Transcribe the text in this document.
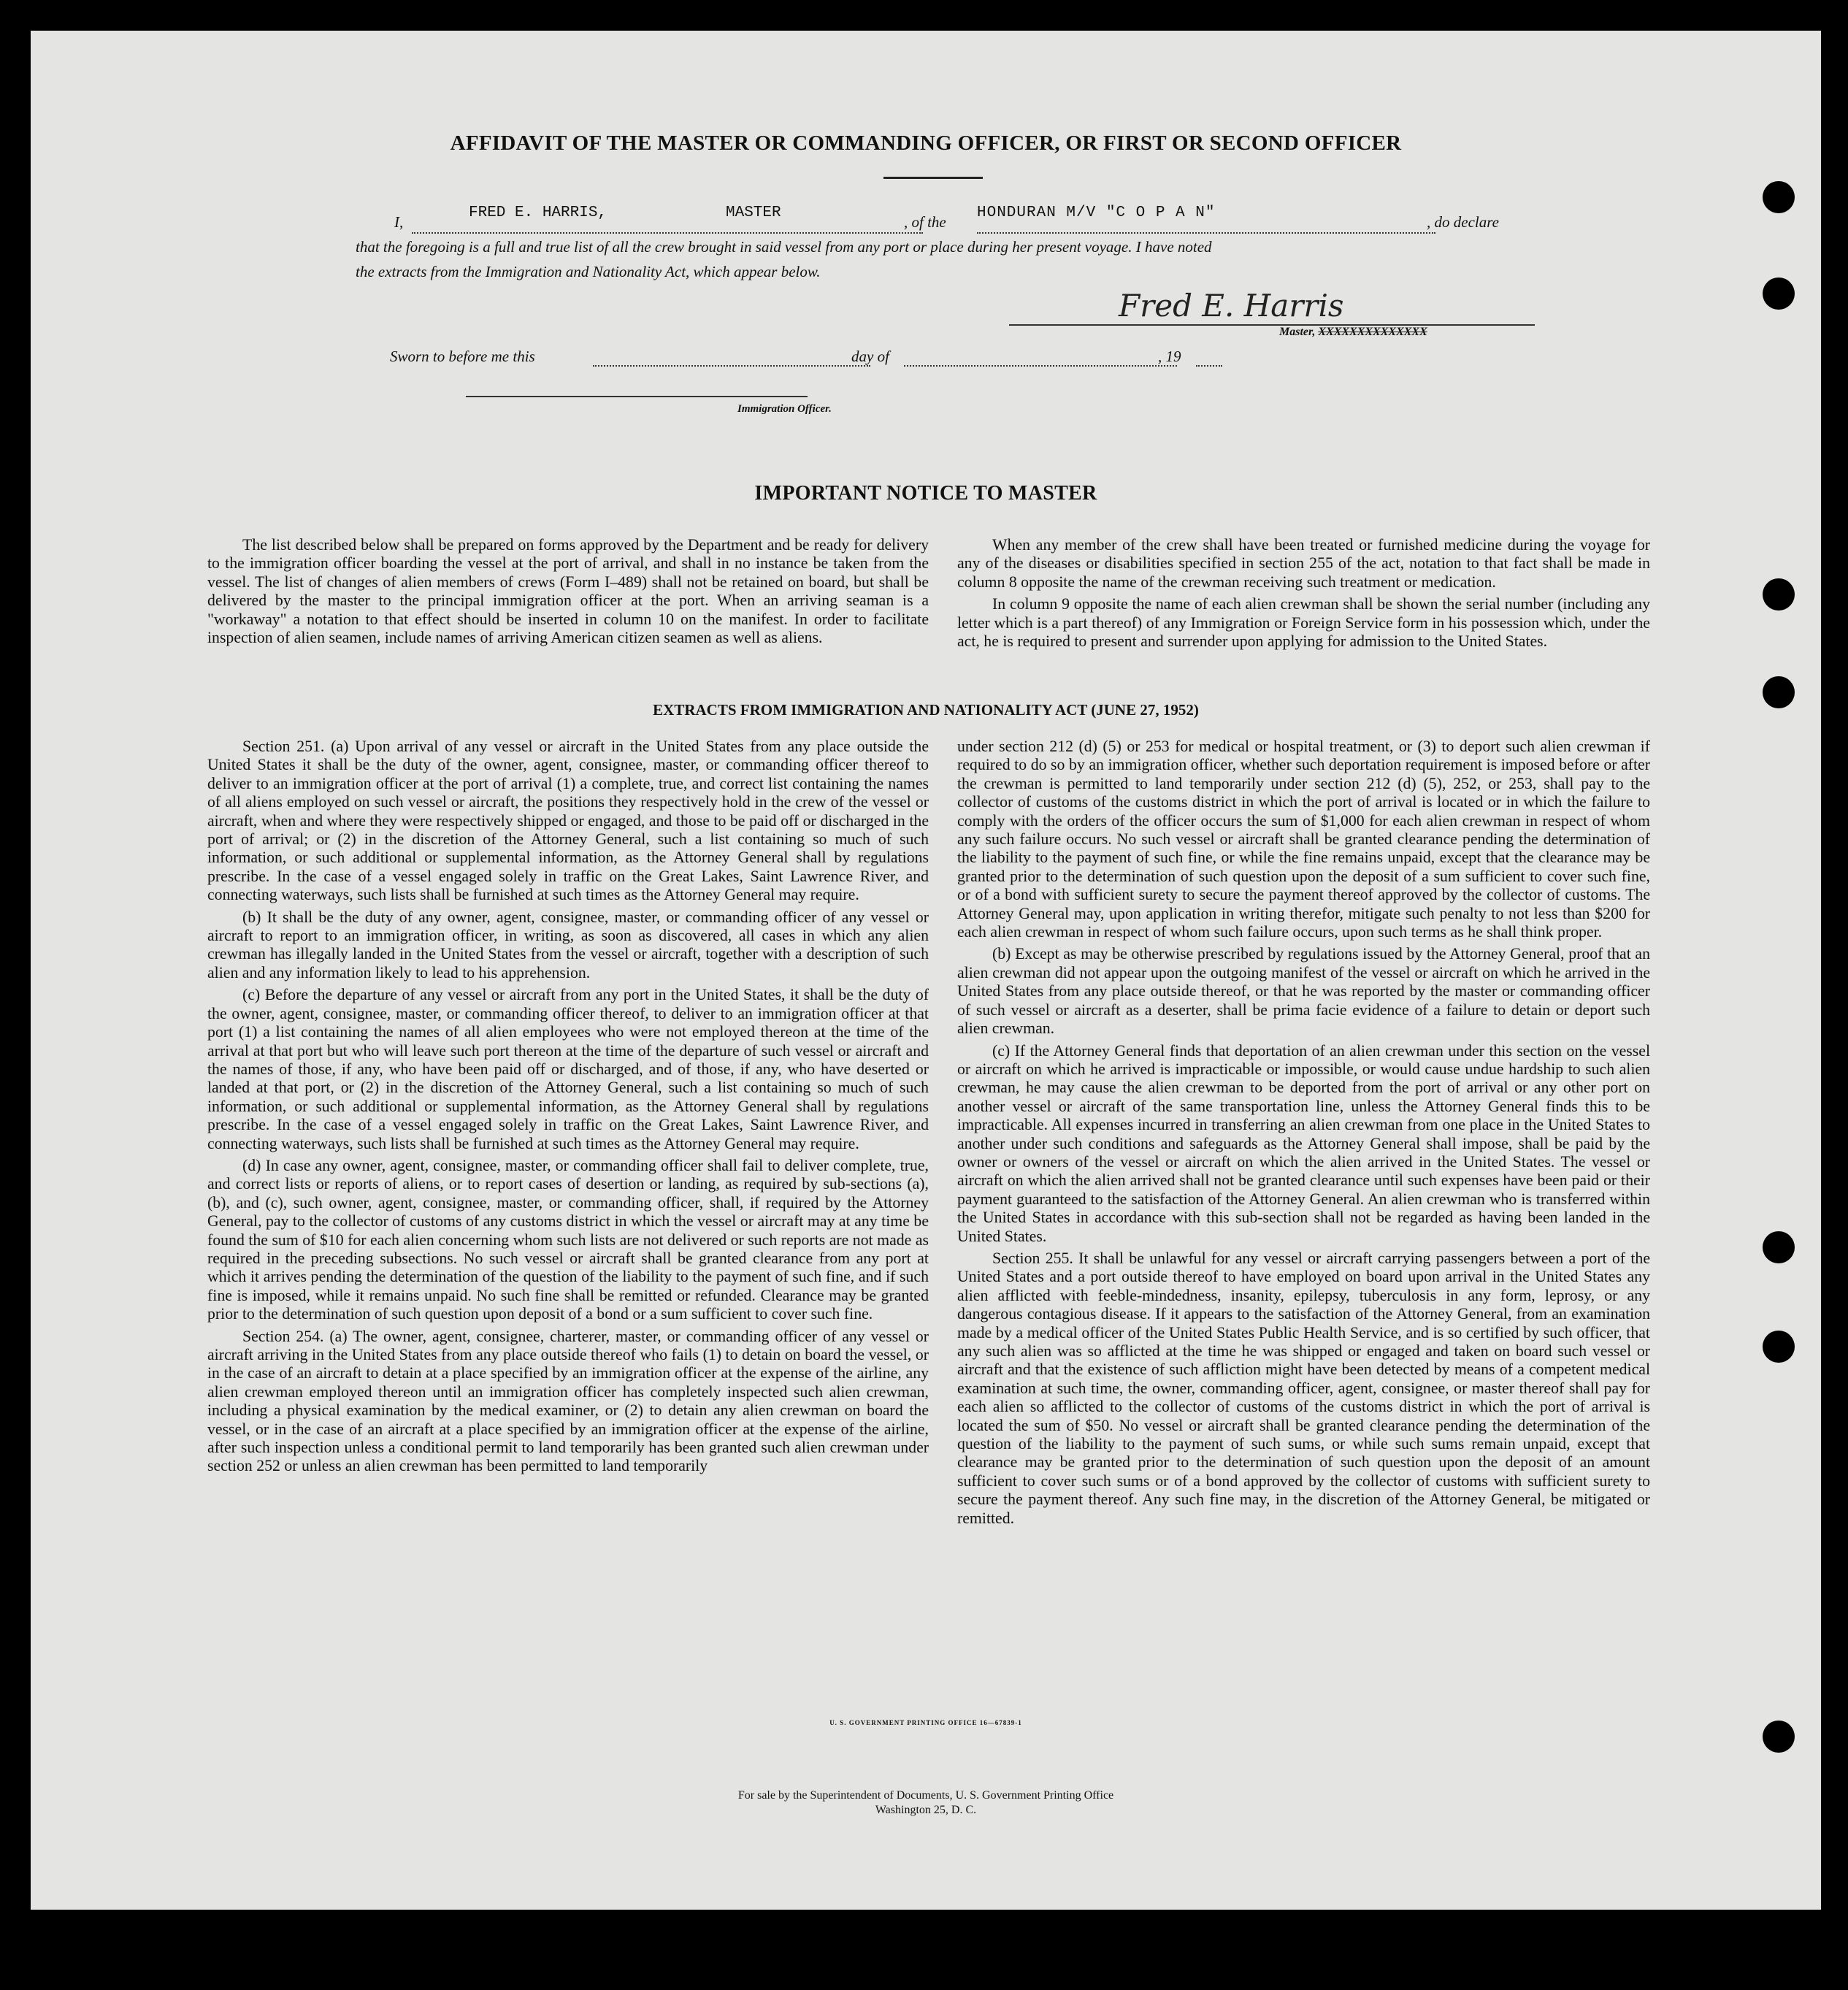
AFFIDAVIT OF THE MASTER OR COMMANDING OFFICER, OR FIRST OR SECOND OFFICER
I,
FRED E. HARRIS,	MASTER
, of the
HONDURAN M/V "C O P A N"
, do declare
that the foregoing is a full and true list of all the crew brought in said vessel from any port or place during her present voyage. I have noted
the extracts from the Immigration and Nationality Act, which appear below.
Fred E. Harris
Master, XXXXXXXXXXXXXX
Sworn to before me this	day of	, 19
Immigration Officer.
IMPORTANT NOTICE TO MASTER

The list described below shall be prepared on forms approved by the Department and be ready for delivery to the immigration officer boarding the vessel at the port of arrival, and shall in no instance be taken from the vessel. The list of changes of alien members of crews (Form I–489) shall not be retained on board, but shall be delivered by the master to the principal immigration officer at the port. When an arriving seaman is a "workaway" a notation to that effect should be inserted in column 10 on the manifest. In order to facilitate inspection of alien seamen, include names of arriving American citizen seamen as well as aliens.

When any member of the crew shall have been treated or furnished medicine during the voyage for any of the diseases or disabilities specified in section 255 of the act, notation to that fact shall be made in column 8 opposite the name of the crewman receiving such treatment or medication.

In column 9 opposite the name of each alien crewman shall be shown the serial number (including any letter which is a part thereof) of any Immigration or Foreign Service form in his possession which, under the act, he is required to present and surrender upon applying for admission to the United States.

EXTRACTS FROM IMMIGRATION AND NATIONALITY ACT (JUNE 27, 1952)

Section 251. (a) Upon arrival of any vessel or aircraft in the United States from any place outside the United States it shall be the duty of the owner, agent, consignee, master, or commanding officer thereof to deliver to an immigration officer at the port of arrival (1) a complete, true, and correct list containing the names of all aliens employed on such vessel or aircraft, the positions they respectively hold in the crew of the vessel or aircraft, when and where they were respectively shipped or engaged, and those to be paid off or discharged in the port of arrival; or (2) in the discretion of the Attorney General, such a list containing so much of such information, or such additional or supplemental information, as the Attorney General shall by regulations prescribe. In the case of a vessel engaged solely in traffic on the Great Lakes, Saint Lawrence River, and connecting waterways, such lists shall be furnished at such times as the Attorney General may require.

(b) It shall be the duty of any owner, agent, consignee, master, or commanding officer of any vessel or aircraft to report to an immigration officer, in writing, as soon as discovered, all cases in which any alien crewman has illegally landed in the United States from the vessel or aircraft, together with a description of such alien and any information likely to lead to his apprehension.

(c) Before the departure of any vessel or aircraft from any port in the United States, it shall be the duty of the owner, agent, consignee, master, or commanding officer thereof, to deliver to an immigration officer at that port (1) a list containing the names of all alien employees who were not employed thereon at the time of the arrival at that port but who will leave such port thereon at the time of the departure of such vessel or aircraft and the names of those, if any, who have been paid off or discharged, and of those, if any, who have deserted or landed at that port, or (2) in the discretion of the Attorney General, such a list containing so much of such information, or such additional or supplemental information, as the Attorney General shall by regulations prescribe. In the case of a vessel engaged solely in traffic on the Great Lakes, Saint Lawrence River, and connecting waterways, such lists shall be furnished at such times as the Attorney General may require.

(d) In case any owner, agent, consignee, master, or commanding officer shall fail to deliver complete, true, and correct lists or reports of aliens, or to report cases of desertion or landing, as required by sub-sections (a), (b), and (c), such owner, agent, consignee, master, or commanding officer, shall, if required by the Attorney General, pay to the collector of customs of any customs district in which the vessel or aircraft may at any time be found the sum of $10 for each alien concerning whom such lists are not delivered or such reports are not made as required in the preceding subsections. No such vessel or aircraft shall be granted clearance from any port at which it arrives pending the determination of the question of the liability to the payment of such fine, and if such fine is imposed, while it remains unpaid. No such fine shall be remitted or refunded. Clearance may be granted prior to the determination of such question upon deposit of a bond or a sum sufficient to cover such fine.

Section 254. (a) The owner, agent, consignee, charterer, master, or commanding officer of any vessel or aircraft arriving in the United States from any place outside thereof who fails (1) to detain on board the vessel, or in the case of an aircraft to detain at a place specified by an immigration officer at the expense of the airline, any alien crewman employed thereon until an immigration officer has completely inspected such alien crewman, including a physical examination by the medical examiner, or (2) to detain any alien crewman on board the vessel, or in the case of an aircraft at a place specified by an immigration officer at the expense of the airline, after such inspection unless a conditional permit to land temporarily has been granted such alien crewman under section 252 or unless an alien crewman has been permitted to land temporarily

under section 212 (d) (5) or 253 for medical or hospital treatment, or (3) to deport such alien crewman if required to do so by an immigration officer, whether such deportation requirement is imposed before or after the crewman is permitted to land temporarily under section 212 (d) (5), 252, or 253, shall pay to the collector of customs of the customs district in which the port of arrival is located or in which the failure to comply with the orders of the officer occurs the sum of $1,000 for each alien crewman in respect of whom any such failure occurs. No such vessel or aircraft shall be granted clearance pending the determination of the liability to the payment of such fine, or while the fine remains unpaid, except that the clearance may be granted prior to the determination of such question upon the deposit of a sum sufficient to cover such fine, or of a bond with sufficient surety to secure the payment thereof approved by the collector of customs. The Attorney General may, upon application in writing therefor, mitigate such penalty to not less than $200 for each alien crewman in respect of whom such failure occurs, upon such terms as he shall think proper.

(b) Except as may be otherwise prescribed by regulations issued by the Attorney General, proof that an alien crewman did not appear upon the outgoing manifest of the vessel or aircraft on which he arrived in the United States from any place outside thereof, or that he was reported by the master or commanding officer of such vessel or aircraft as a deserter, shall be prima facie evidence of a failure to detain or deport such alien crewman.

(c) If the Attorney General finds that deportation of an alien crewman under this section on the vessel or aircraft on which he arrived is impracticable or impossible, or would cause undue hardship to such alien crewman, he may cause the alien crewman to be deported from the port of arrival or any other port on another vessel or aircraft of the same transportation line, unless the Attorney General finds this to be impracticable. All expenses incurred in transferring an alien crewman from one place in the United States to another under such conditions and safeguards as the Attorney General shall impose, shall be paid by the owner or owners of the vessel or aircraft on which the alien arrived in the United States. The vessel or aircraft on which the alien arrived shall not be granted clearance until such expenses have been paid or their payment guaranteed to the satisfaction of the Attorney General. An alien crewman who is transferred within the United States in accordance with this sub-section shall not be regarded as having been landed in the United States.

Section 255. It shall be unlawful for any vessel or aircraft carrying passengers between a port of the United States and a port outside thereof to have employed on board upon arrival in the United States any alien afflicted with feeble-mindedness, insanity, epilepsy, tuberculosis in any form, leprosy, or any dangerous contagious disease. If it appears to the satisfaction of the Attorney General, from an examination made by a medical officer of the United States Public Health Service, and is so certified by such officer, that any such alien was so afflicted at the time he was shipped or engaged and taken on board such vessel or aircraft and that the existence of such affliction might have been detected by means of a competent medical examination at such time, the owner, commanding officer, agent, consignee, or master thereof shall pay for each alien so afflicted to the collector of customs of the customs district in which the port of arrival is located the sum of $50. No vessel or aircraft shall be granted clearance pending the determination of the question of the liability to the payment of such sums, or while such sums remain unpaid, except that clearance may be granted prior to the determination of such question upon the deposit of an amount sufficient to cover such sums or of a bond approved by the collector of customs with sufficient surety to secure the payment thereof. Any such fine may, in the discretion of the Attorney General, be mitigated or remitted.

U. S. GOVERNMENT PRINTING OFFICE 16—67839-1
For sale by the Superintendent of Documents, U. S. Government Printing Office
Washington 25, D. C.
